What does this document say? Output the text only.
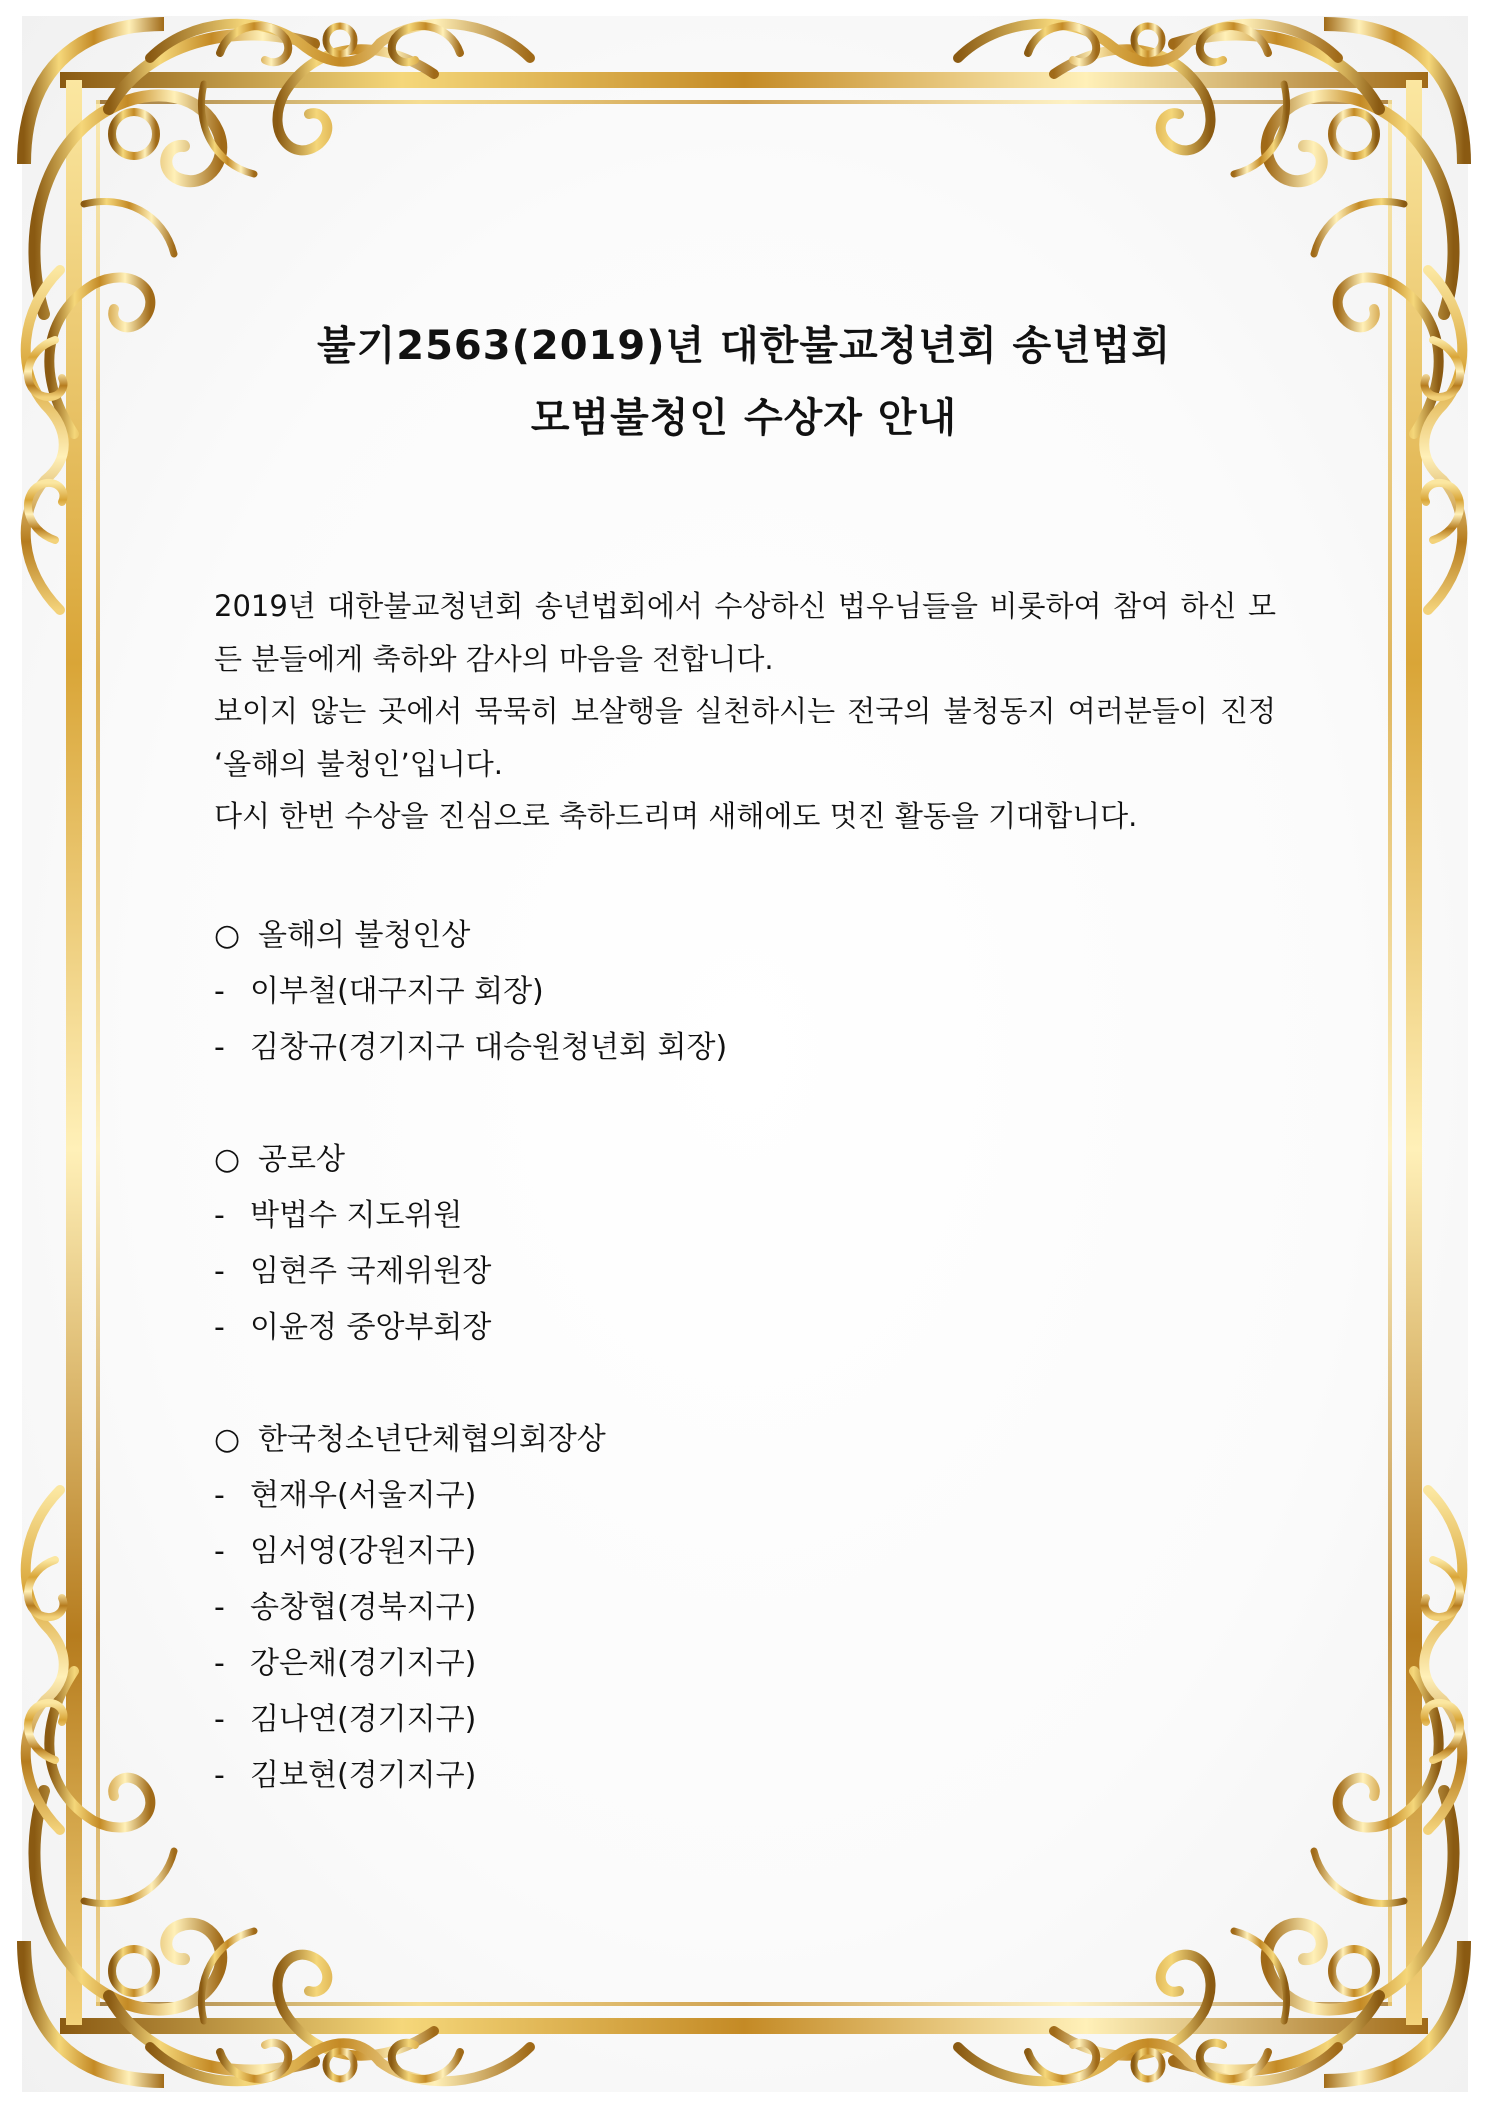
불기2563(2019)년 대한불교청년회 송년법회
모범불청인 수상자 안내

2019년 대한불교청년회 송년법회에서 수상하신 법우님들을 비롯하여 참여 하신 모든 분들에게 축하와 감사의 마음을 전합니다.

보이지 않는 곳에서 묵묵히 보살행을 실천하시는 전국의 불청동지 여러분들이 진정 ‘올해의 불청인’입니다.

다시 한번 수상을 진심으로 축하드리며 새해에도 멋진 활동을 기대합니다.

○ 올해의 불청인상
- 이부철(대구지구 회장)
- 김창규(경기지구 대승원청년회 회장)
○ 공로상
- 박법수 지도위원
- 임현주 국제위원장
- 이윤정 중앙부회장
○ 한국청소년단체협의회장상
- 현재우(서울지구)
- 임서영(강원지구)
- 송창협(경북지구)
- 강은채(경기지구)
- 김나연(경기지구)
- 김보현(경기지구)
